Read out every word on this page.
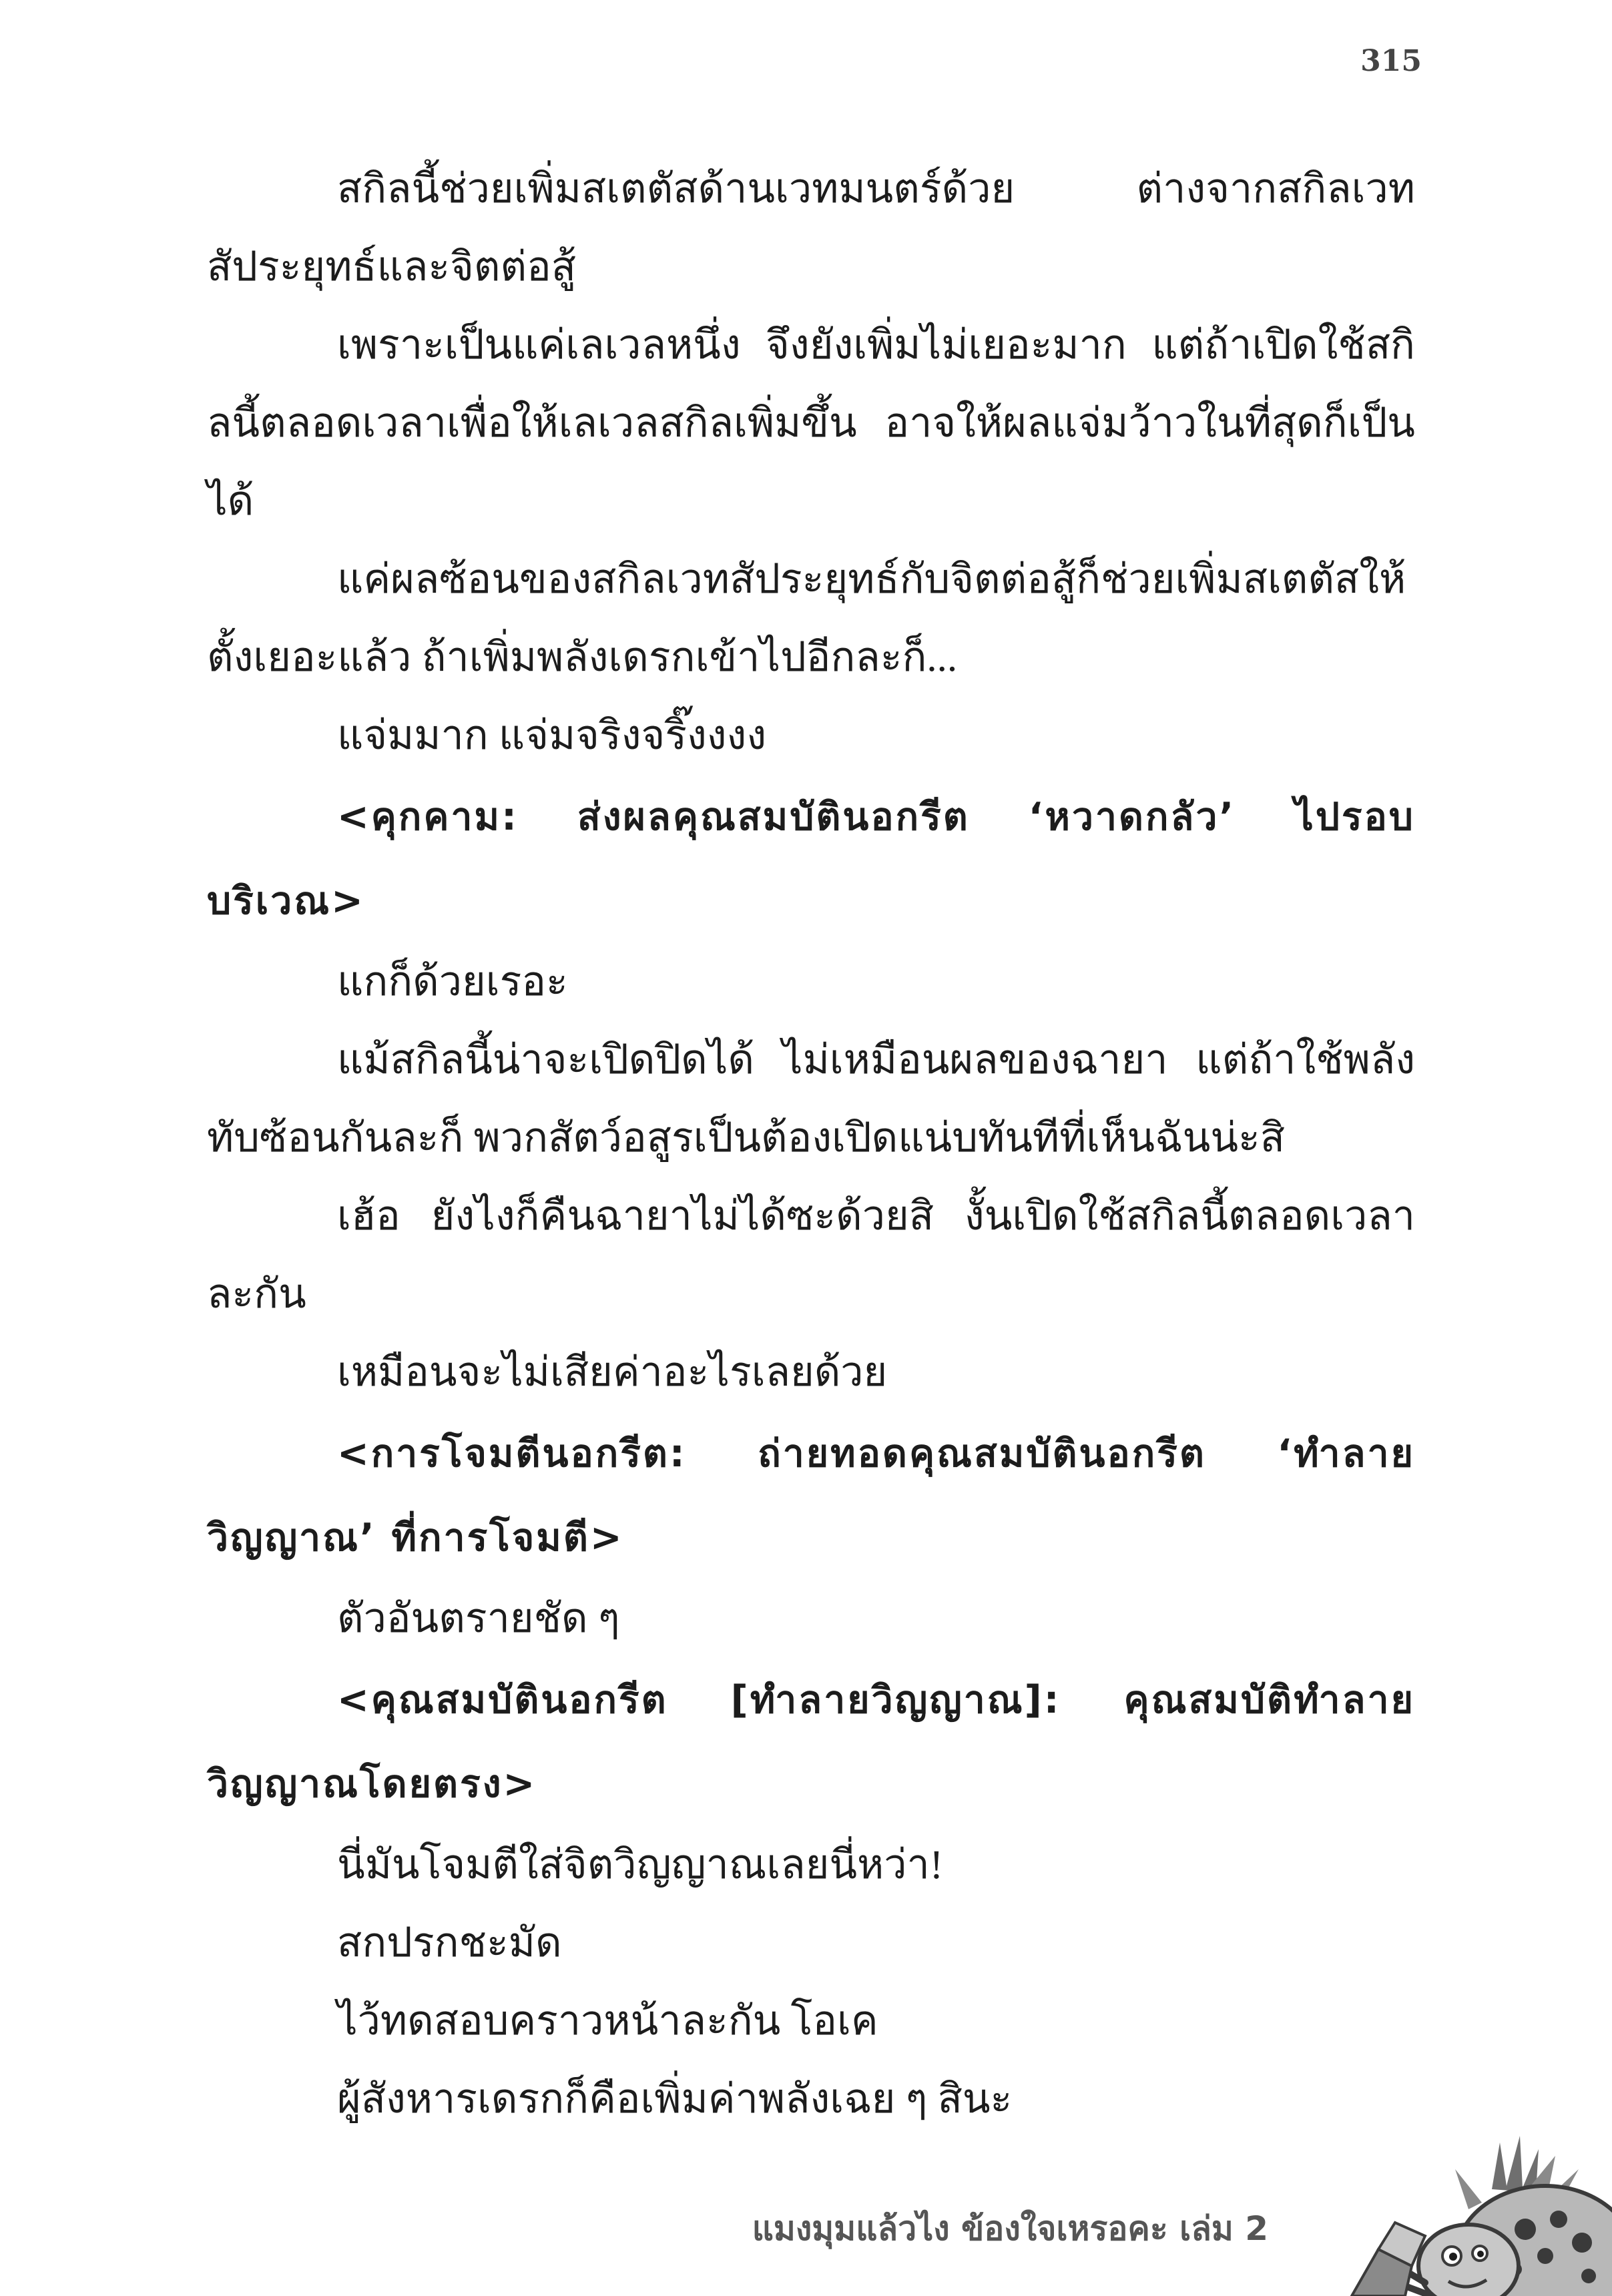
315

สกิลนี้ช่วยเพิ่มสเตตัสด้านเวทมนตร์ด้วย ต่างจากสกิลเวทสัประยุทธ์และจิตต่อสู้

เพราะเป็นแค่เลเวลหนึ่ง จึงยังเพิ่มไม่เยอะมาก แต่ถ้าเปิดใช้สกิลนี้ตลอดเวลาเพื่อให้เลเวลสกิลเพิ่มขึ้น อาจให้ผลแจ่มว้าวในที่สุดก็เป็นได้

แค่ผลซ้อนของสกิลเวทสัประยุทธ์กับจิตต่อสู้ก็ช่วยเพิ่มสเตตัสให้ตั้งเยอะแล้ว ถ้าเพิ่มพลังเดรกเข้าไปอีกละก็...

แจ่มมาก แจ่มจริงจริ๊งงงง

<คุกคาม: ส่งผลคุณสมบัตินอกรีต ‘หวาดกลัว’ ไปรอบบริเวณ>

แกก็ด้วยเรอะ

แม้สกิลนี้น่าจะเปิดปิดได้ ไม่เหมือนผลของฉายา แต่ถ้าใช้พลังทับซ้อนกันละก็ พวกสัตว์อสูรเป็นต้องเปิดแน่บทันทีที่เห็นฉันน่ะสิ

เฮ้อ ยังไงก็คืนฉายาไม่ได้ซะด้วยสิ งั้นเปิดใช้สกิลนี้ตลอดเวลาละกัน

เหมือนจะไม่เสียค่าอะไรเลยด้วย

<การโจมตีนอกรีต: ถ่ายทอดคุณสมบัตินอกรีต ‘ทำลายวิญญาณ’ ที่การโจมตี>

ตัวอันตรายชัด ๆ

<คุณสมบัตินอกรีต [ทำลายวิญญาณ]: คุณสมบัติทำลายวิญญาณโดยตรง>

นี่มันโจมตีใส่จิตวิญญาณเลยนี่หว่า!

สกปรกชะมัด

ไว้ทดสอบคราวหน้าละกัน โอเค

ผู้สังหารเดรกก็คือเพิ่มค่าพลังเฉย ๆ สินะ

แมงมุมแล้วไง ข้องใจเหรอคะ เล่ม 2
